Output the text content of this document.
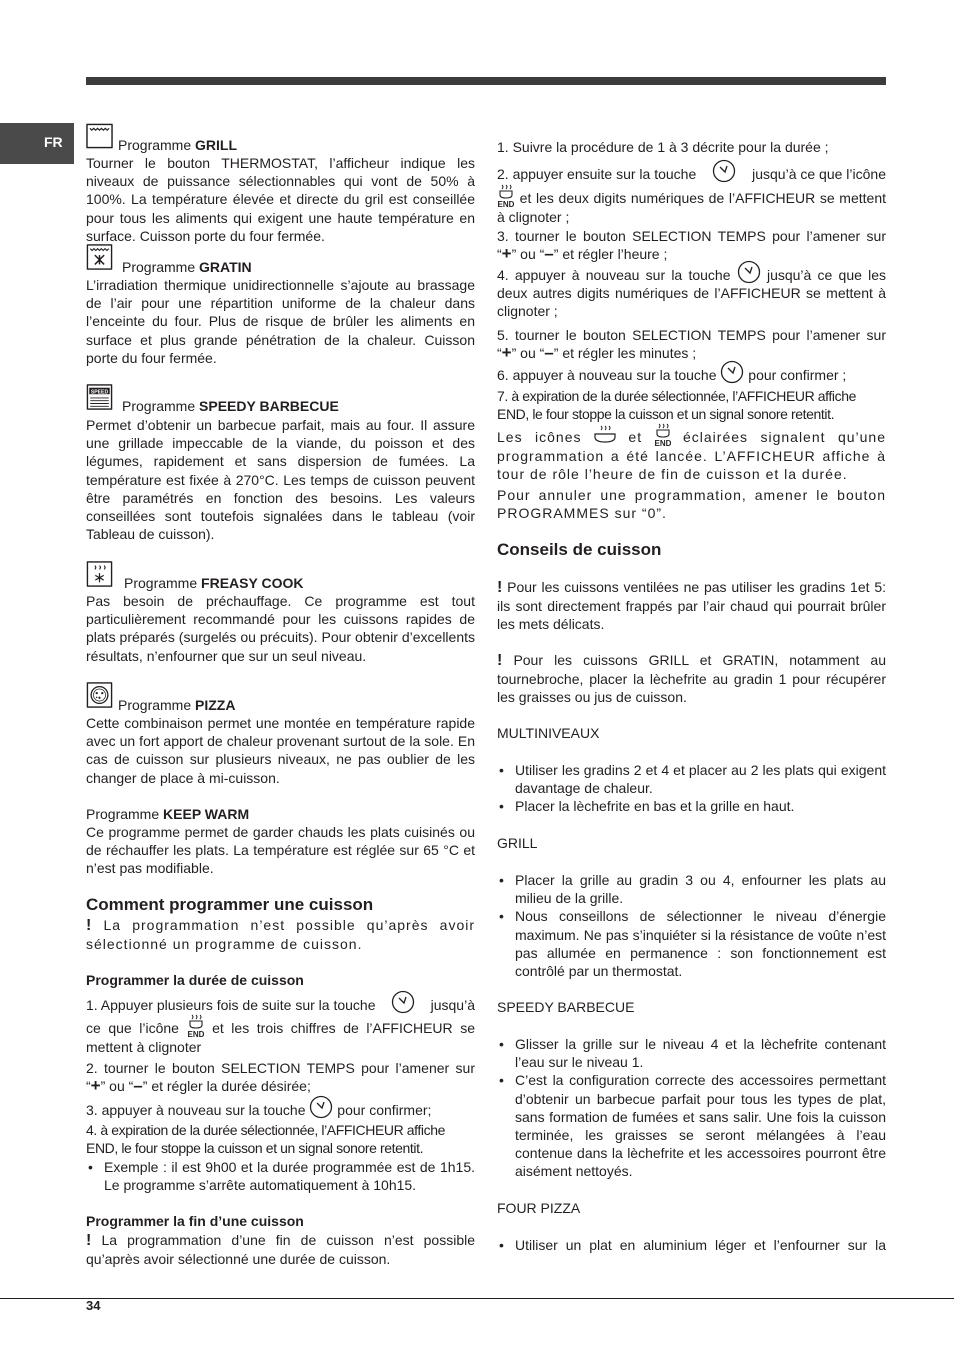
FR	Programme GRILL
Tourner le bouton THERMOSTAT, l’afficheur indique les niveaux de puissance sélectionnables qui vont de 50% à 100%. La température élevée et directe du gril est conseillée pour tous les aliments qui exigent une haute température en surface. Cuisson porte du four fermée.
Programme GRATIN
L’irradiation thermique unidirectionnelle s’ajoute au brassage de l’air pour une répartition uniforme de la chaleur dans l’enceinte du four. Plus de risque de brûler les aliments en surface et plus grande pénétration de la chaleur. Cuisson porte du four fermée.
SPEED
Programme SPEEDY BARBECUE
Permet d’obtenir un barbecue parfait, mais au four. Il assure une grillade impeccable de la viande, du poisson et des légumes, rapidement et sans dispersion de fumées. La température est fixée à 270°C. Les temps de cuisson peuvent être paramétrés en fonction des besoins. Les valeurs conseillées sont toutefois signalées dans le tableau (voir Tableau de cuisson).
Programme FREASY COOK
Pas besoin de préchauffage. Ce programme est tout particulièrement recommandé pour les cuissons rapides de plats préparés (surgelés ou précuits). Pour obtenir d’excellents résultats, n’enfourner que sur un seul niveau.
Programme PIZZA
Cette combinaison permet une montée en température rapide avec un fort apport de chaleur provenant surtout de la sole. En cas de cuisson sur plusieurs niveaux, ne pas oublier de les changer de place à mi-cuisson.
Programme KEEP WARM
Ce programme permet de garder chauds les plats cuisinés ou de réchauffer les plats. La température est réglée sur 65 °C et n’est pas modifiable.
Comment programmer une cuisson
! La programmation n’est possible qu’après avoir sélectionné un programme de cuisson.
Programmer la durée de cuisson
1. Appuyer plusieurs fois de suite sur la touche	jusqu’à
ce que l’icône END et les trois chiffres de l’AFFICHEUR se mettent à clignoter
2. tourner le bouton SELECTION TEMPS pour l’amener sur “+” ou “–” et régler la durée désirée;
3. appuyer à nouveau sur la touche pour confirmer;
4. à expiration de la durée sélectionnée, l’AFFICHEUR affiche END, le four stoppe la cuisson et un signal sonore retentit.
• Exemple : il est 9h00 et la durée programmée est de 1h15. Le programme s’arrête automatiquement à 10h15.
Programmer la fin d’une cuisson
! La programmation d’une fin de cuisson n’est possible qu’après avoir sélectionné une durée de cuisson.
1. Suivre la procédure de 1 à 3 décrite pour la durée ;
2. appuyer ensuite sur la touche	jusqu’à ce que l’icône
END et les deux digits numériques de l’AFFICHEUR se mettent à clignoter ;
3. tourner le bouton SELECTION TEMPS pour l’amener sur “+” ou “–” et régler l’heure ;
4. appuyer à nouveau sur la touche	jusqu’à ce que les deux autres digits numériques de l’AFFICHEUR se mettent à clignoter ;
5. tourner le bouton SELECTION TEMPS pour l’amener sur “+” ou “–” et régler les minutes ;
6. appuyer à nouveau sur la touche pour confirmer ;
7. à expiration de la durée sélectionnée, l’AFFICHEUR affiche END, le four stoppe la cuisson et un signal sonore retentit.
Les icônes	et END éclairées signalent qu’une programmation a été lancée. L’AFFICHEUR affiche à tour de rôle l’heure de fin de cuisson et la durée.
Pour annuler une programmation, amener le bouton PROGRAMMES sur “0”.
Conseils de cuisson
! Pour les cuissons ventilées ne pas utiliser les gradins 1et 5: ils sont directement frappés par l’air chaud qui pourrait brûler les mets délicats.
! Pour les cuissons GRILL et GRATIN, notamment au tournebroche, placer la lèchefrite au gradin 1 pour récupérer les graisses ou jus de cuisson.
MULTINIVEAUX
• Utiliser les gradins 2 et 4 et placer au 2 les plats qui exigent davantage de chaleur.
• Placer la lèchefrite en bas et la grille en haut.
GRILL
• Placer la grille au gradin 3 ou 4, enfourner les plats au milieu de la grille.
• Nous conseillons de sélectionner le niveau d’énergie maximum. Ne pas s’inquiéter si la résistance de voûte n’est pas allumée en permanence : son fonctionnement est contrôlé par un thermostat.
SPEEDY BARBECUE
• Glisser la grille sur le niveau 4 et la lèchefrite contenant l’eau sur le niveau 1.
• C’est la configuration correcte des accessoires permettant d’obtenir un barbecue parfait pour tous les types de plat, sans formation de fumées et sans salir. Une fois la cuisson terminée, les graisses se seront mélangées à l’eau contenue dans la lèchefrite et les accessoires pourront être aisément nettoyés.
FOUR PIZZA
• Utiliser un plat en aluminium léger et l’enfourner sur la
34
